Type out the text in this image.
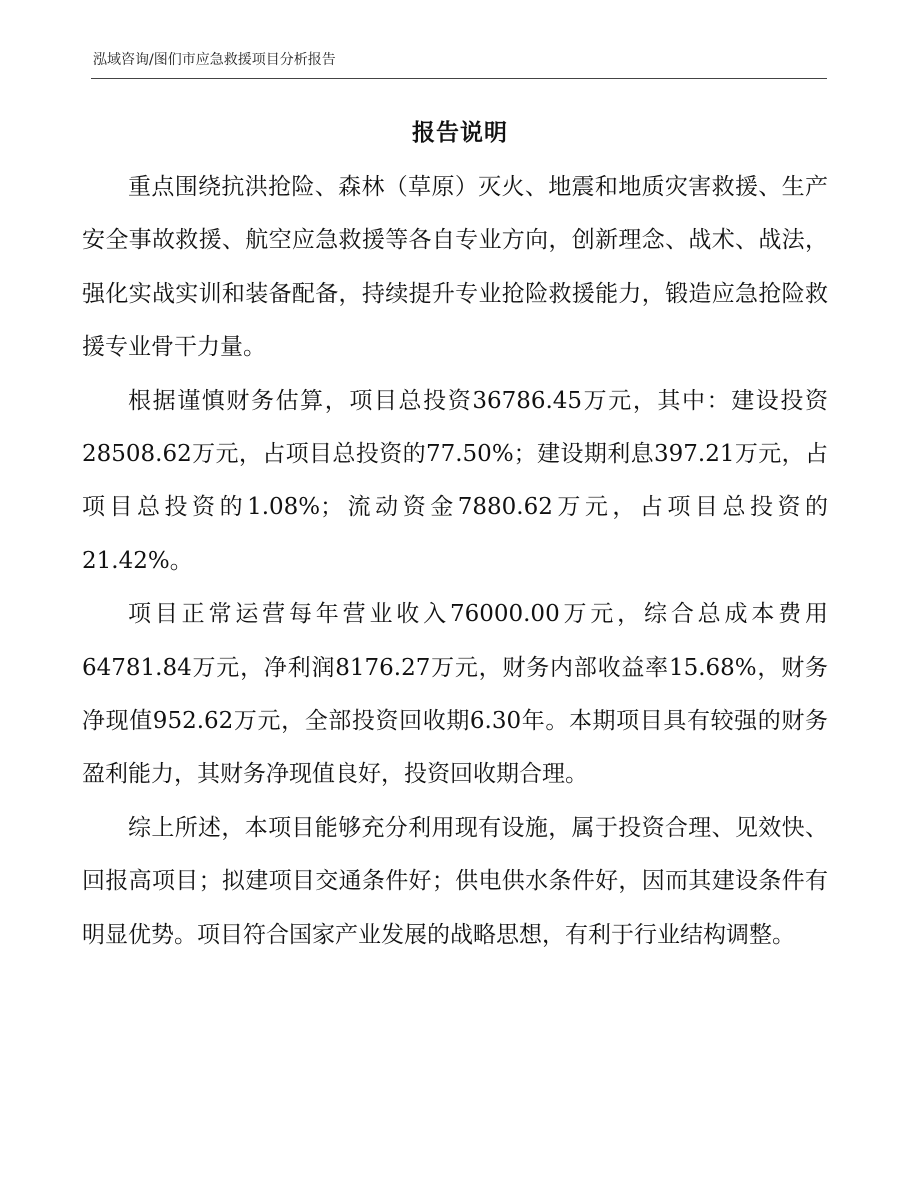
泓域咨询/图们市应急救援项目分析报告
报告说明

重点围绕抗洪抢险、森林（草原）灭火、地震和地质灾害救援、生产安全事故救援、航空应急救援等各自专业方向，创新理念、战术、战法，强化实战实训和装备配备，持续提升专业抢险救援能力，锻造应急抢险救援专业骨干力量。

根据谨慎财务估算，项目总投资36786.45万元，其中：建设投资28508.62万元，占项目总投资的77.50%；建设期利息397.21万元，占项目总投资的1.08%；流动资金7880.62万元，占项目总投资的21.42%。

项目正常运营每年营业收入76000.00万元，综合总成本费用64781.84万元，净利润8176.27万元，财务内部收益率15.68%，财务净现值952.62万元，全部投资回收期6.30年。本期项目具有较强的财务盈利能力，其财务净现值良好，投资回收期合理。

综上所述，本项目能够充分利用现有设施，属于投资合理、见效快、回报高项目；拟建项目交通条件好；供电供水条件好，因而其建设条件有明显优势。项目符合国家产业发展的战略思想，有利于行业结构调整。
